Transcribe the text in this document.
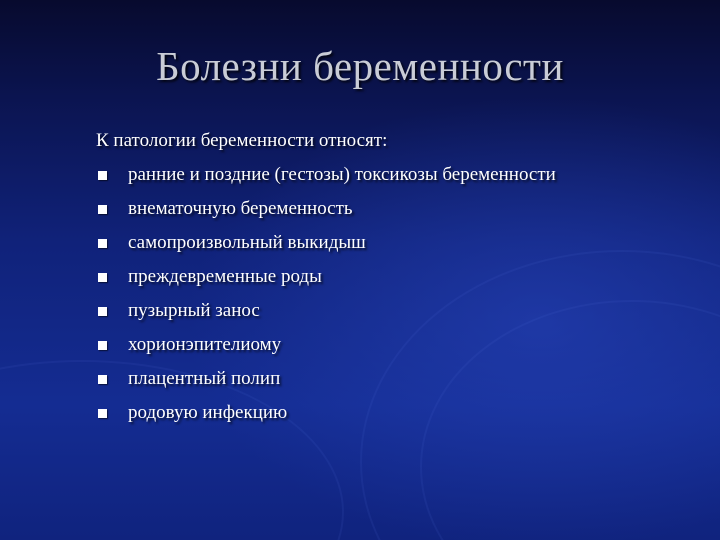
Болезни беременности
К патологии беременности относят:
ранние и поздние (гестозы) токсикозы беременности
внематочную беременность
самопроизвольный выкидыш
преждевременные роды
пузырный занос
хорионэпителиому
плацентный полип
родовую инфекцию
